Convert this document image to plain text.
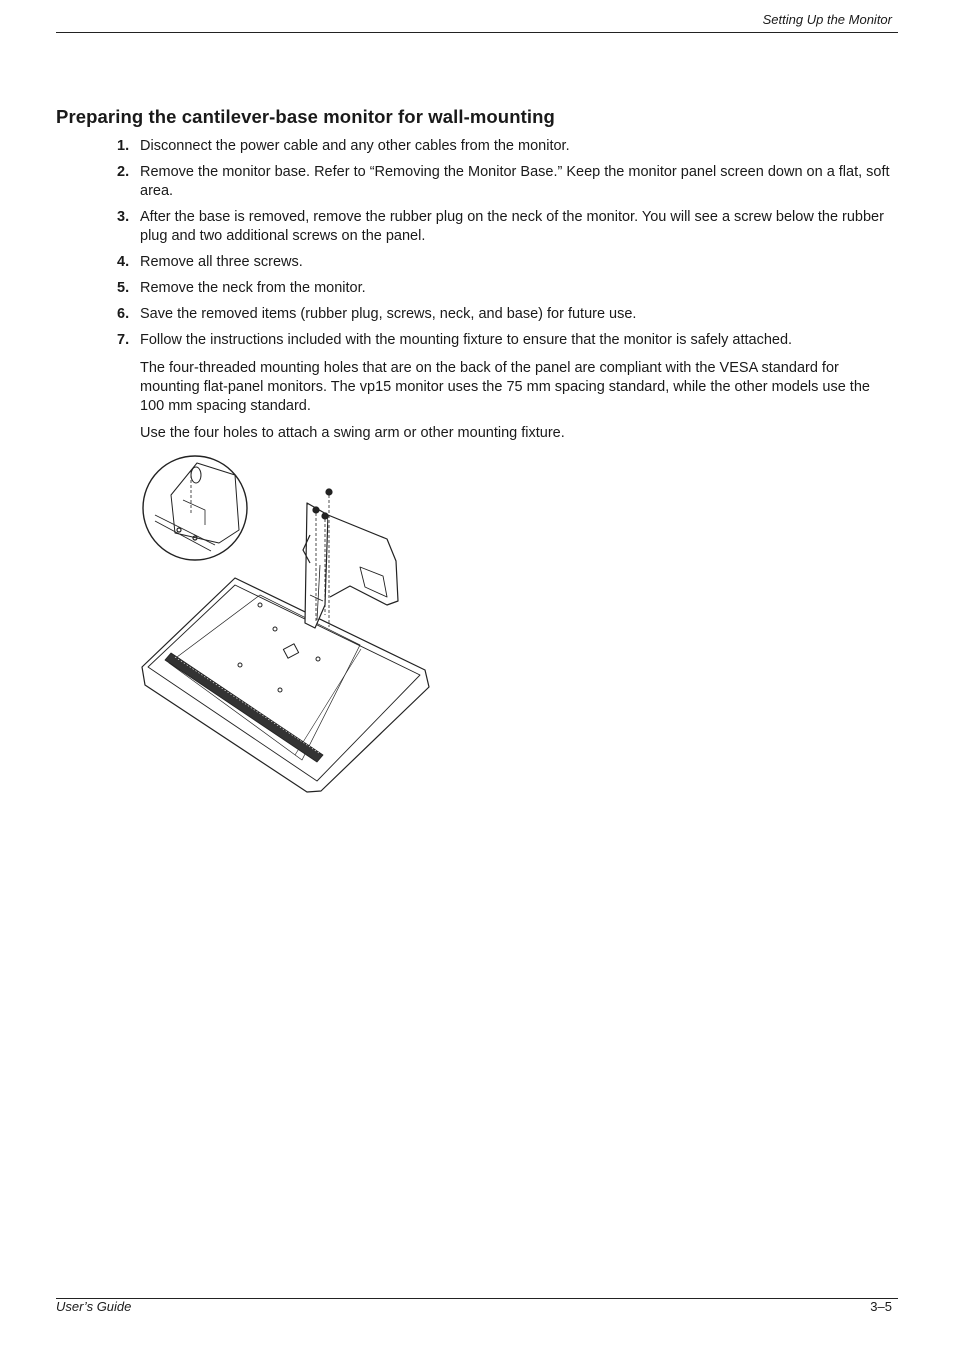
Setting Up the Monitor
Preparing the cantilever-base monitor for wall-mounting
1. Disconnect the power cable and any other cables from the monitor.
2. Remove the monitor base. Refer to “Removing the Monitor Base.” Keep the monitor panel screen down on a flat, soft area.
3. After the base is removed, remove the rubber plug on the neck of the monitor. You will see a screw below the rubber plug and two additional screws on the panel.
4. Remove all three screws.
5. Remove the neck from the monitor.
6. Save the removed items (rubber plug, screws, neck, and base) for future use.
7. Follow the instructions included with the mounting fixture to ensure that the monitor is safely attached.

The four-threaded mounting holes that are on the back of the panel are compliant with the VESA standard for mounting flat-panel monitors. The vp15 monitor uses the 75 mm spacing standard, while the other models use the 100 mm spacing standard.

Use the four holes to attach a swing arm or other mounting fixture.

User’s Guide	3–5
